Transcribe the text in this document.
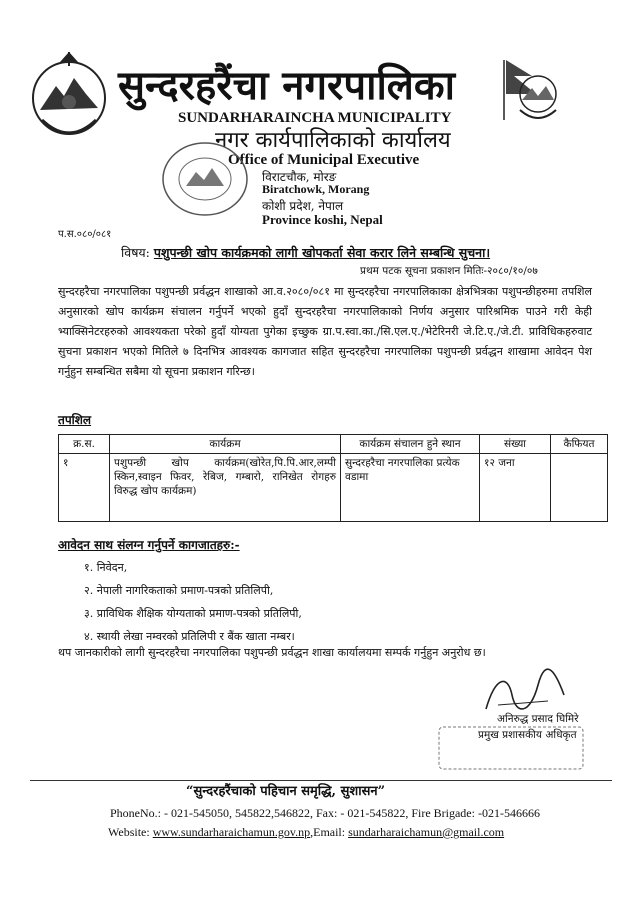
सुन्दरहरैंचा नगरपालिका
SUNDARHARAINCHA MUNICIPALITY
नगर कार्यपालिकाको कार्यालय
Office of Municipal Executive
विराटचौक, मोरङ
Biratchowk, Morang
कोशी प्रदेश, नेपाल
Province koshi, Nepal
प.स.०८०/०८१
विषय: पशुपन्छी खोप कार्यक्रमको लागी खोपकर्ता सेवा करार लिने सम्बन्धि सुचना।
प्रथम पटक सूचना प्रकाशन मितिः-२०८०/१०/०७
सुन्दरहरैचा नगरपालिका पशुपन्छी प्रर्वद्धन शाखाको आ.व.२०८०/०८१ मा सुन्दरहरैचा नगरपालिकाका क्षेत्रभित्रका पशुपन्छीहरुमा तपशिल अनुसारको खोप कार्यक्रम संचालन गर्नुपर्ने भएको हुदाँ सुन्दरहरैचा नगरपालिकाको निर्णय अनुसार पारिश्रमिक पाउने गरी केही भ्याक्सिनेटरहरुको आवश्यकता परेको हुदाँ योग्यता पुगेका इच्छुक ग्रा.प.स्वा.का./सि.एल.ए./भेटेरिनरी जे.टि.ए./जे.टी. प्राविधिकहरुवाट सुचना प्रकाशन भएको मितिले ७ दिनभित्र आवश्यक कागजात सहित सुन्दरहरैचा नगरपालिका पशुपन्छी प्रर्वद्धन शाखामा आवेदन पेश गर्नुहुन सम्बन्धित सबैमा यो सूचना प्रकाशन गरिन्छ।
तपशिल
क्र.स.	कार्यक्रम	कार्यक्रम संचालन हुने स्थान	संख्या	कैफियत
१	पशुपन्छी खोप कार्यक्रम(खोरेत,पि.पि.आर,लम्पी स्किन,स्वाइन फिवर, रेबिज, गम्बारो, रानिखेत रोगहरु विरुद्ध खोप कार्यक्रम)	सुन्दरहरैचा नगरपालिका प्रत्येक वडामा	१२ जना	
आवेदन साथ संलग्न गर्नुपर्ने कागजातहरु:-
१. निवेदन,
२. नेपाली नागरिकताको प्रमाण-पत्रको प्रतिलिपी,
३. प्राविधिक शैक्षिक योग्यताको प्रमाण-पत्रको प्रतिलिपी,
४. स्थायी लेखा नम्वरको प्रतिलिपी र बैंक खाता नम्बर।
थप जानकारीको लागी सुन्दरहरैचा नगरपालिका पशुपन्छी प्रर्वद्धन शाखा कार्यालयमा सम्पर्क गर्नुहुन अनुरोध छ।
अनिरुद्ध प्रसाद घिमिरे
प्रमुख प्रशासकीय अधिकृत
“सुन्दरहरैंचाको पहिचान समृद्धि, सुशासन”
PhoneNo.: - 021-545050, 545822,546822, Fax: - 021-545822, Fire Brigade: -021-546666
Website: www.sundarharaichamun.gov.np,Email: sundarharaichamun@gmail.com
